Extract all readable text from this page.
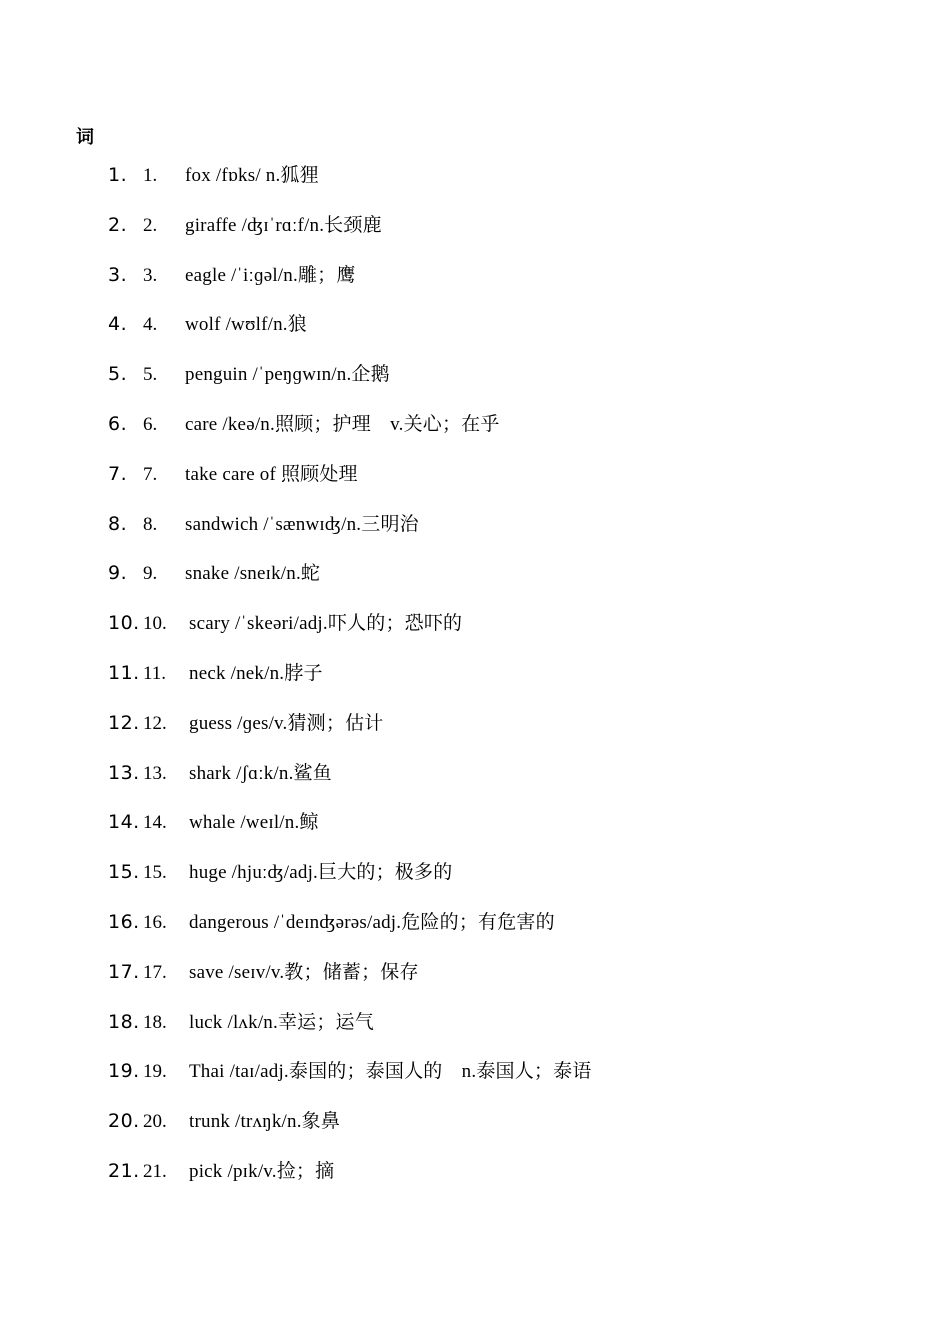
词
1. 1. fox /fɒks/ n.狐狸
2. 2. giraffe /ʤɪˈrɑːf/n.长颈鹿
3. 3. eagle /ˈiːɡəl/n.雕；鹰
4. 4. wolf /wʊlf/n.狼
5. 5. penguin /ˈpeŋɡwɪn/n.企鹅
6. 6. care /keə/n.照顾；护理　v.关心；在乎
7. 7. take care of 照顾处理
8. 8. sandwich /ˈsænwɪʤ/n.三明治
9. 9. snake /sneɪk/n.蛇
10. 10. scary /ˈskeəri/adj.吓人的；恐吓的
11. 11. neck /nek/n.脖子
12. 12. guess /ɡes/v.猜测；估计
13. 13. shark /ʃɑːk/n.鲨鱼
14. 14. whale /weɪl/n.鲸
15. 15. huge /hjuːʤ/adj.巨大的；极多的
16. 16. dangerous /ˈdeɪnʤərəs/adj.危险的；有危害的
17. 17. save /seɪv/v.教；储蓄；保存
18. 18. luck /lʌk/n.幸运；运气
19. 19. Thai /taɪ/adj.泰国的；泰国人的　n.泰国人；泰语
20. 20. trunk /trʌŋk/n.象鼻
21. 21. pick /pɪk/v.捡；摘
